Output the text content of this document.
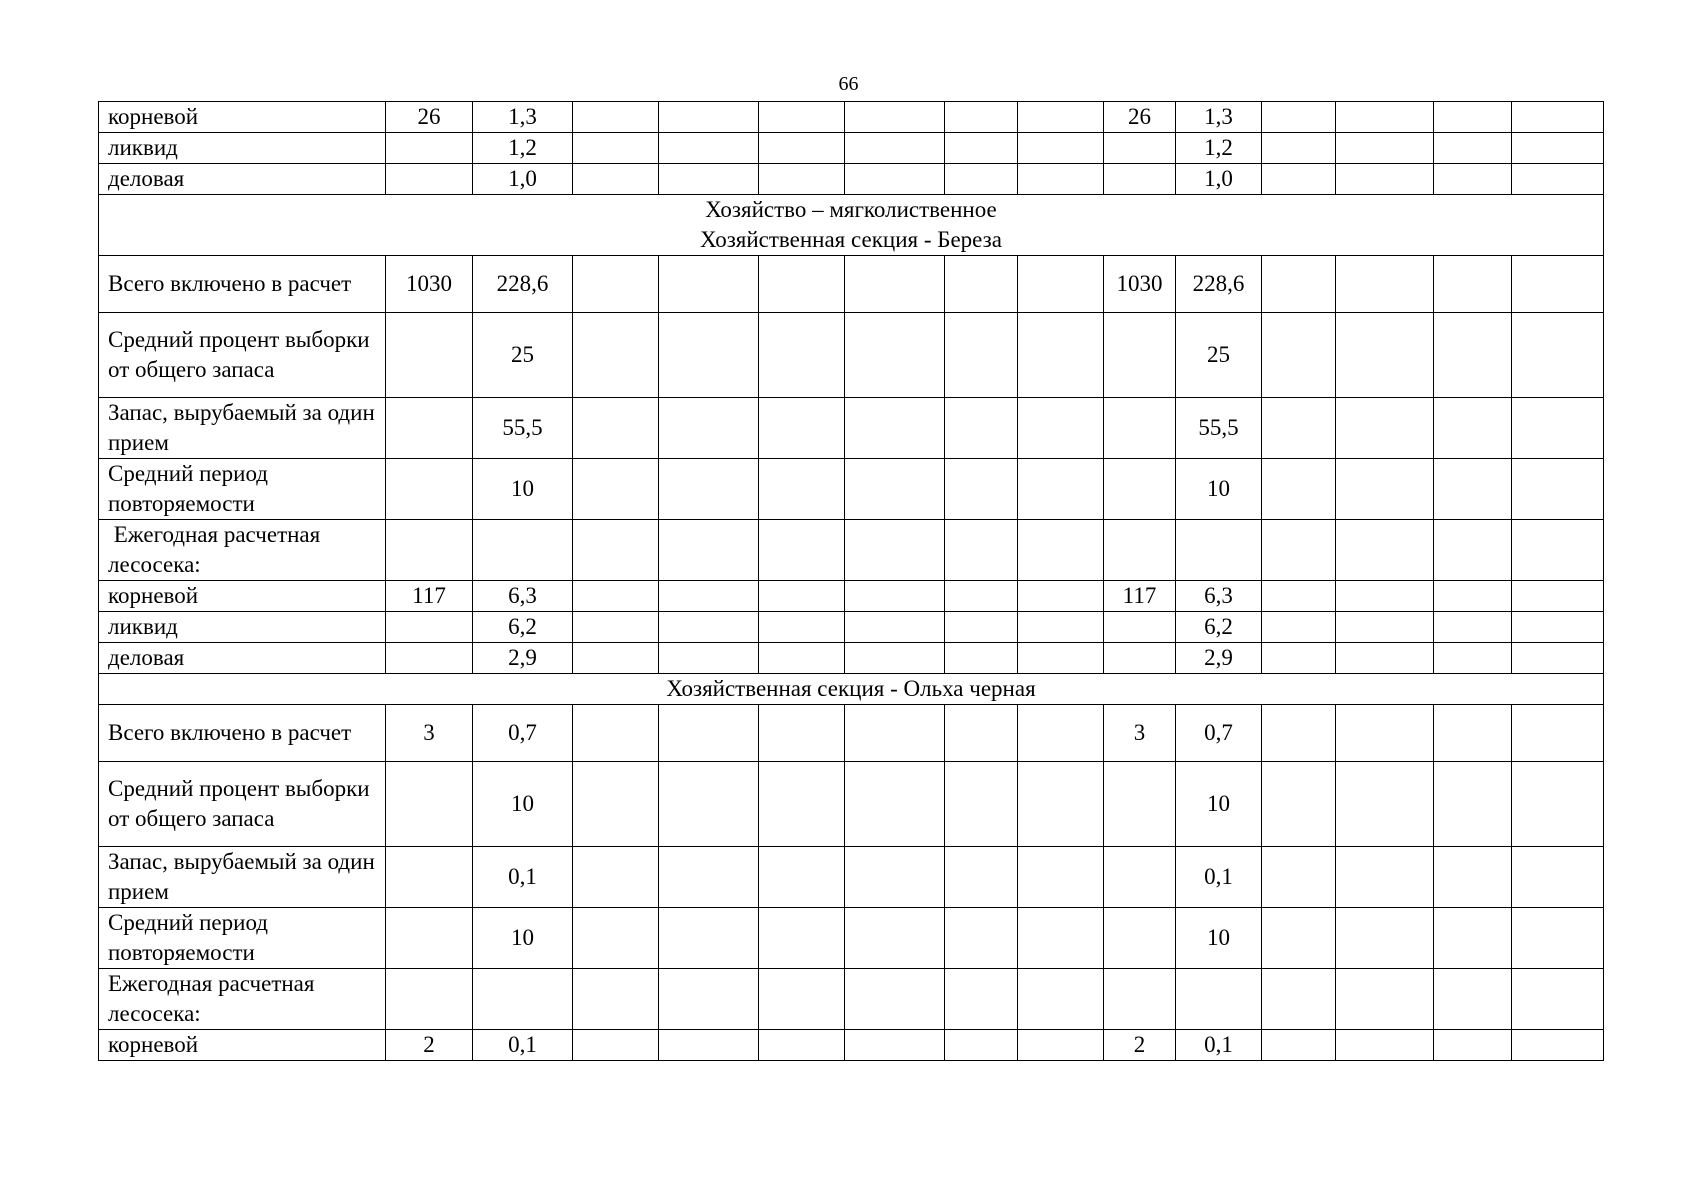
66
корневой	26	1,3							26	1,3				
ликвид		1,2								1,2				
деловая		1,0								1,0				

Хозяйство – мягколиственное
Хозяйственная секция - Береза														

Всего включено в расчет	1030	228,6							1030	228,6				
Средний процент выборки от общего запаса		25								25				
Запас, вырубаемый за один прием		55,5								55,5				
Средний период повторяемости		10								10				
Ежегодная расчетная лесосека:														
корневой	117	6,3							117	6,3				
ликвид		6,2								6,2				
деловая		2,9								2,9				

Хозяйственная секция - Ольха черная														

Всего включено в расчет	3	0,7							3	0,7				
Средний процент выборки от общего запаса		10								10				
Запас, вырубаемый за один прием		0,1								0,1				
Средний период повторяемости		10								10				
Ежегодная расчетная лесосека:														
корневой	2	0,1							2	0,1				
